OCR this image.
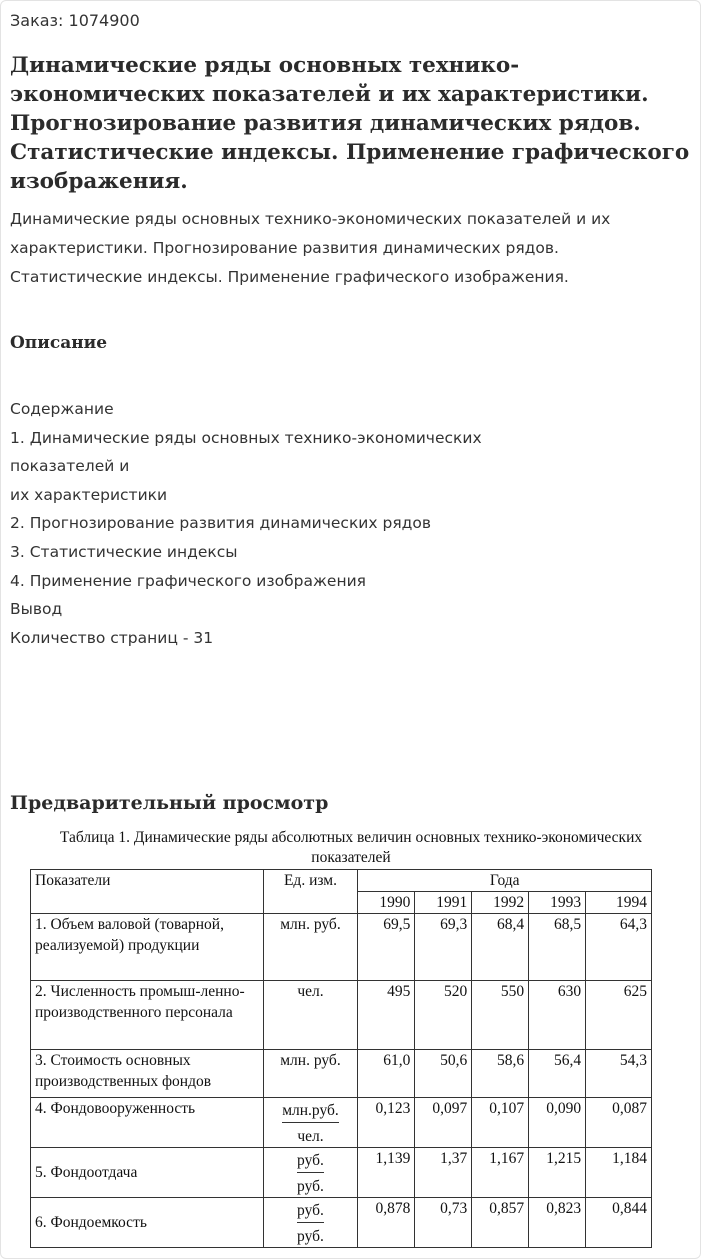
Заказ: 1074900
Динамические ряды основных технико-экономических показателей и их характеристики. Прогнозирование развития динамических рядов. Статистические индексы. Применение графического изображения.
Динамические ряды основных технико-экономических показателей и их характеристики. Прогнозирование развития динамических рядов. Статистические индексы. Применение графического изображения.
Описание
Содержание
1. Динамические ряды основных технико-экономических
показателей и
их характеристики
2. Прогнозирование развития динамических рядов
3. Статистические индексы
4. Применение графического изображения
Вывод
Количество страниц - 31
Предварительный просмотр
Таблица 1. Динамические ряды абсолютных величин основных технико-экономических показателей
Показатели	Ед. изм.	Года				
		1990	1991	1992	1993	1994
1. Объем валовой (товарной, реализуемой) продукции	млн. руб.	69,5	69,3	68,4	68,5	64,3
2. Численность промыш-ленно-производственного персонала	чел.	495	520	550	630	625
3. Стоимость основных производственных фондов	млн. руб.	61,0	50,6	58,6	56,4	54,3
4. Фондовооруженность	$\frac{\text{млн.руб.}}{\text{чел.}}$	0,123	0,097	0,107	0,090	0,087
5. Фондоотдача	$\frac{\text{руб.}}{\text{руб.}}$	1,139	1,37	1,167	1,215	1,184
6. Фондоемкость	$\frac{\text{руб.}}{\text{руб.}}$	0,878	0,73	0,857	0,823	0,844
